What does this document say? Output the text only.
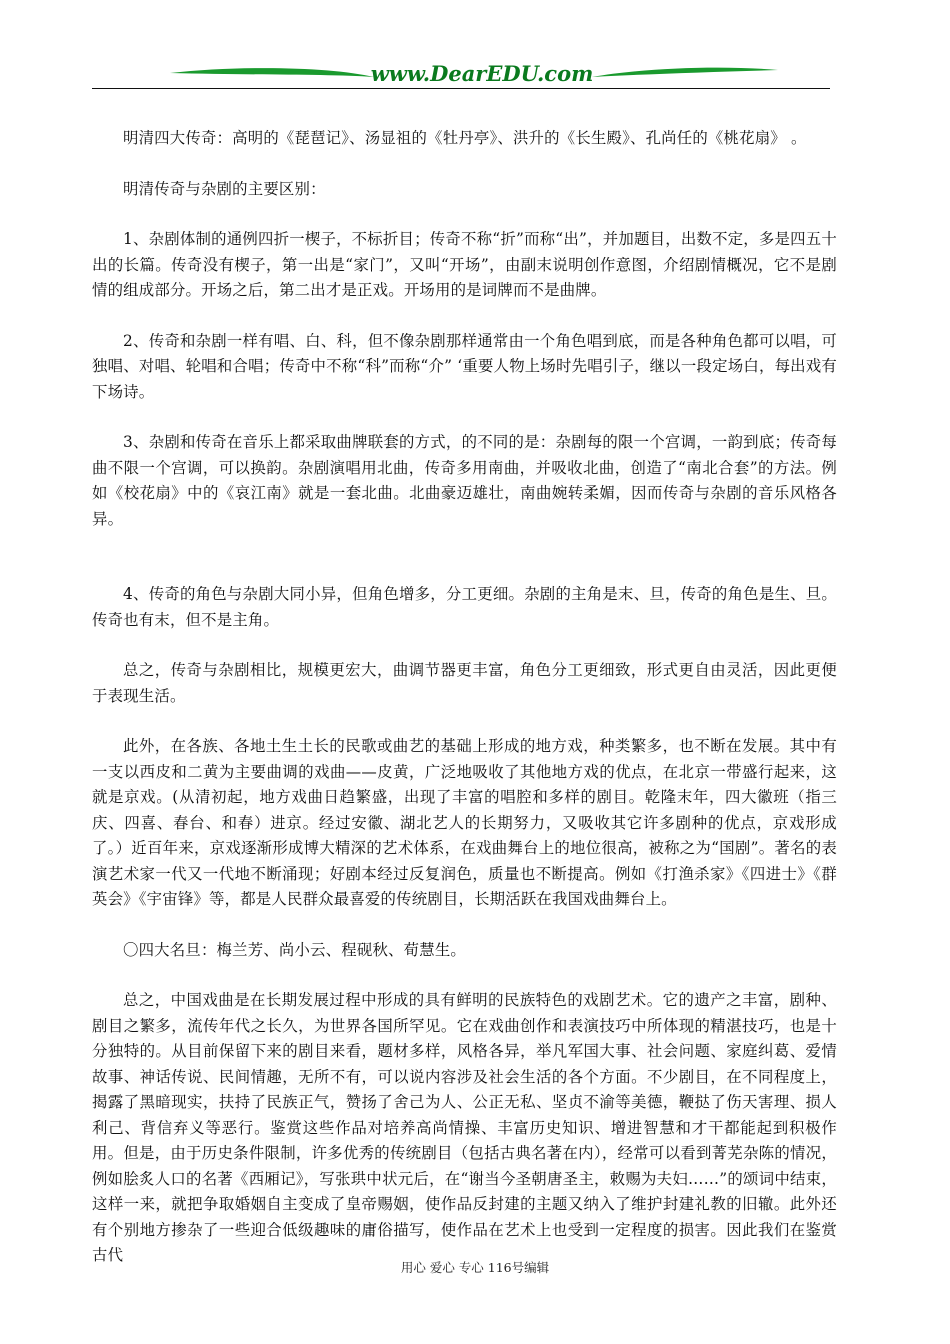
www.DearEDU.com

明清四大传奇：高明的《琵琶记》、汤显祖的《牡丹亭》、洪升的《长生殿》、孔尚任的《桃花扇》 。

明清传奇与杂剧的主要区别：

1、杂剧体制的通例四折一楔子，不标折目；传奇不称“折”而称“出”，并加题目，出数不定，多是四五十出的长篇。传奇没有楔子，第一出是“家门”，又叫“开场”，由副末说明创作意图，介绍剧情概况，它不是剧情的组成部分。开场之后，第二出才是正戏。开场用的是词牌而不是曲牌。

2、传奇和杂剧一样有唱、白、科，但不像杂剧那样通常由一个角色唱到底，而是各种角色都可以唱，可独唱、对唱、轮唱和合唱；传奇中不称“科”而称“介” ‘重要人物上场时先唱引子，继以一段定场白，每出戏有下场诗。

3、杂剧和传奇在音乐上都采取曲牌联套的方式，的不同的是：杂剧每的限一个宫调，一韵到底；传奇每曲不限一个宫调，可以换韵。杂剧演唱用北曲，传奇多用南曲，并吸收北曲，创造了“南北合套”的方法。例如《校花扇》中的《哀江南》就是一套北曲。北曲豪迈雄壮，南曲婉转柔媚，因而传奇与杂剧的音乐风格各异。

4、传奇的角色与杂剧大同小异，但角色增多，分工更细。杂剧的主角是末、旦，传奇的角色是生、旦。传奇也有末，但不是主角。

总之，传奇与杂剧相比，规模更宏大，曲调节器更丰富，角色分工更细致，形式更自由灵活，因此更便于表现生活。

此外，在各族、各地土生土长的民歌或曲艺的基础上形成的地方戏，种类繁多，也不断在发展。其中有一支以西皮和二黄为主要曲调的戏曲——皮黄，广泛地吸收了其他地方戏的优点，在北京一带盛行起来，这就是京戏。(从清初起，地方戏曲日趋繁盛，出现了丰富的唱腔和多样的剧目。乾隆末年，四大徽班（指三庆、四喜、春台、和春）进京。经过安徽、湖北艺人的长期努力，又吸收其它许多剧种的优点，京戏形成了。）近百年来，京戏逐渐形成博大精深的艺术体系，在戏曲舞台上的地位很高，被称之为“国剧”。著名的表演艺术家一代又一代地不断涌现；好剧本经过反复润色，质量也不断提高。例如《打渔杀家》《四进士》《群英会》《宇宙锋》等，都是人民群众最喜爱的传统剧目，长期活跃在我国戏曲舞台上。

〇四大名旦：梅兰芳、尚小云、程砚秋、荀慧生。

总之，中国戏曲是在长期发展过程中形成的具有鲜明的民族特色的戏剧艺术。它的遗产之丰富，剧种、剧目之繁多，流传年代之长久，为世界各国所罕见。它在戏曲创作和表演技巧中所体现的精湛技巧，也是十分独特的。从目前保留下来的剧目来看，题材多样，风格各异，举凡军国大事、社会问题、家庭纠葛、爱情故事、神话传说、民间情趣，无所不有，可以说内容涉及社会生活的各个方面。不少剧目，在不同程度上，揭露了黑暗现实，扶持了民族正气，赞扬了舍己为人、公正无私、坚贞不渝等美德，鞭挞了伤天害理、损人利己、背信弃义等恶行。鉴赏这些作品对培养高尚情操、丰富历史知识、增进智慧和才干都能起到积极作用。但是，由于历史条件限制，许多优秀的传统剧目（包括古典名著在内），经常可以看到菁芜杂陈的情况，例如脍炙人口的名著《西厢记》，写张珙中状元后，在“谢当今圣朝唐圣主，敕赐为夫妇……”的颂词中结束，这样一来，就把争取婚姻自主变成了皇帝赐姻，使作品反封建的主题又纳入了维护封建礼教的旧辙。此外还有个别地方掺杂了一些迎合低级趣味的庸俗描写，使作品在艺术上也受到一定程度的损害。因此我们在鉴赏古代

用心 爱心 专心 116号编辑
